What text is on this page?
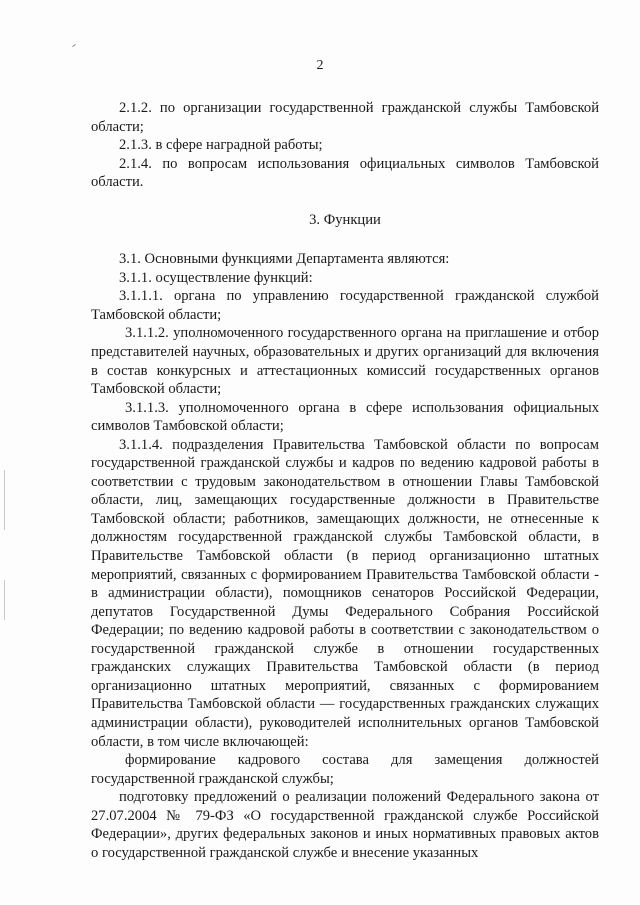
2

2.1.2. по организации государственной гражданской службы Тамбовской области;

2.1.3. в сфере наградной работы;

2.1.4. по вопросам использования официальных символов Тамбовской области.

3. Функции

3.1. Основными функциями Департамента являются:

3.1.1. осуществление функций:

3.1.1.1. органа по управлению государственной гражданской службой Тамбовской области;

3.1.1.2. уполномоченного государственного органа на приглашение и отбор представителей научных, образовательных и других организаций для включения в состав конкурсных и аттестационных комиссий государственных органов Тамбовской области;

3.1.1.3. уполномоченного органа в сфере использования официальных символов Тамбовской области;

3.1.1.4. подразделения Правительства Тамбовской области по вопросам государственной гражданской службы и кадров по ведению кадровой работы в соответствии с трудовым законодательством в отношении Главы Тамбовской области, лиц, замещающих государственные должности в Правительстве Тамбовской области; работников, замещающих должности, не отнесенные к должностям государственной гражданской службы Тамбовской области, в Правительстве Тамбовской области (в период организационно штатных мероприятий, связанных с формированием Правительства Тамбовской области - в администрации области), помощников сенаторов Российской Федерации, депутатов Государственной Думы Федерального Собрания Российской Федерации; по ведению кадровой работы в соответствии с законодательством о государственной гражданской службе в отношении государственных гражданских служащих Правительства Тамбовской области (в период организационно штатных мероприятий, связанных с формированием Правительства Тамбовской области — государственных гражданских служащих администрации области), руководителей исполнительных органов Тамбовской области, в том числе включающей:

формирование кадрового состава для замещения должностей государственной гражданской службы;

подготовку предложений о реализации положений Федерального закона от 27.07.2004 № 79-ФЗ «О государственной гражданской службе Российской Федерации», других федеральных законов и иных нормативных правовых актов о государственной гражданской службе и внесение указанных
